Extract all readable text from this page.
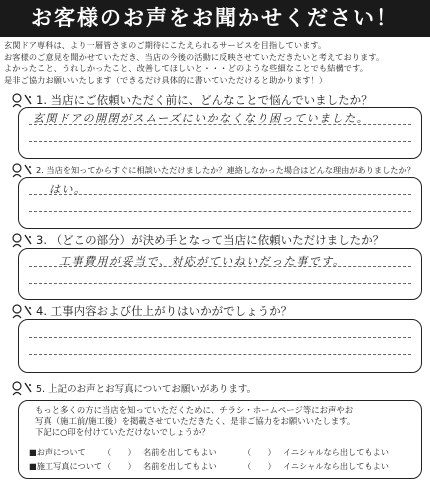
お客様のお声をお聞かせください！
玄関ドア専科は、より一層皆さまのご期待にこたえられるサービスを目指しています。
お客様のご意見を聞かせていただき、当店の今後の活動に反映させていただきたいと考えております。
よかったこと、うれしかったこと、改善してほしいと・・・どのような些細なことでも結構です。
是非ご協力お願いいたします（できるだけ具体的に書いていただけると助かります！）
1. 当店にご依頼いただく前に、どんなことで悩んでいましたか？
玄関ドアの開閉がスムーズにいかなくなり困っていました。
2. 当店を知ってからすぐに相談いただけましたか？連絡しなかった場合はどんな理由がありましたか？
はい。
3. （どこの部分）が決め手となって当店に依頼いただけましたか？
工事費用が妥当で、対応がていねいだった事です。
4. 工事内容および仕上がりはいかがでしょうか？
5. 上記のお声とお写真についてお願いがあります。
もっと多くの方に当店を知っていただくために、チラシ・ホームページ等にお声やお
写真（施工前/施工後）を掲載させていただきたく、是非ご協力をお願いいたします。
下記に○印を付けていただけないでしょうか？
■お声について	（　　） 名前を出してもよい	（　　） イニシャルなら出してもよい
■施工写真について （　　） 名前を出してもよい	（　　） イニシャルなら出してもよい
